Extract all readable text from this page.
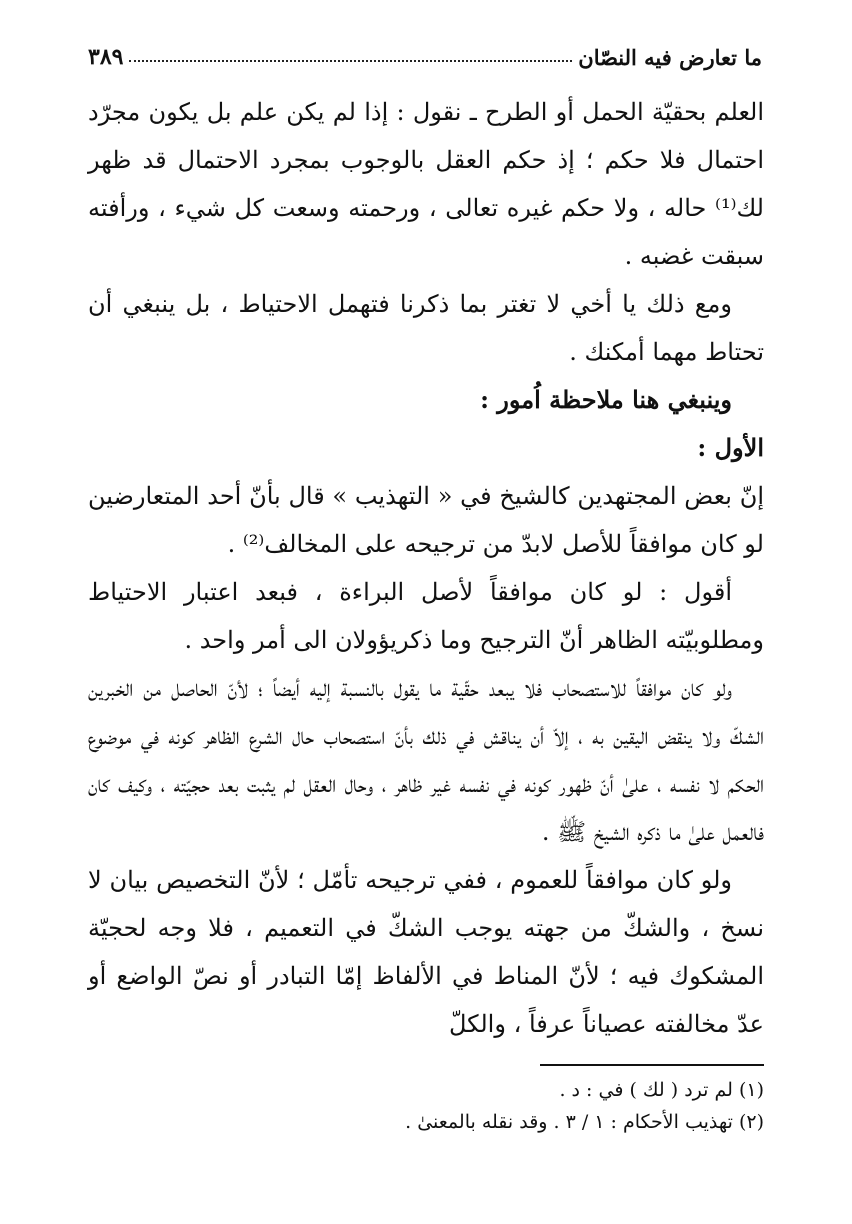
ما تعارض فيه النصّان
٣٨٩

العلم بحقيّة الحمل أو الطرح ـ نقول : إذا لم يكن علم بل يكون مجرّد احتمال فلا حكم ؛ إذ حكم العقل بالوجوب بمجرد الاحتمال قد ظهر لك⁽¹⁾ حاله ، ولا حكم غيره تعالى ، ورحمته وسعت كل شيء ، ورأفته سبقت غضبه .

ومع ذلك يا أخي لا تغتر بما ذكرنا فتهمل الاحتياط ، بل ينبغي أن تحتاط مهما أمكنك .

وينبغي هنا ملاحظة اُمور :

الأول :

إنّ بعض المجتهدين كالشيخ في « التهذيب » قال بأنّ أحد المتعارضين لو كان موافقاً للأصل لابدّ من ترجيحه على المخالف⁽²⁾ .

أقول : لو كان موافقاً لأصل البراءة ، فبعد اعتبار الاحتياط ومطلوبيّته الظاهر أنّ الترجيح وما ذكريؤولان الى أمر واحد .

ولو كان موافقاً للاستصحاب فلا يبعد حقّية ما يقول بالنسبة إليه أيضاً ؛ لأنّ الحاصل من الخبرين الشكّ ولا ينقض اليقين به ، إلاّ أن يناقش في ذلك بأنّ استصحاب حال الشرع الظاهر كونه في موضوع الحكم لا نفسه ، علىٰ أنّ ظهور كونه في نفسه غير ظاهر ، وحال العقل لم يثبت بعد حجيّته ، وكيف كان فالعمل علىٰ ما ذكره الشيخ ﷺ .

ولو كان موافقاً للعموم ، ففي ترجيحه تأمّل ؛ لأنّ التخصيص بيان لا نسخ ، والشكّ من جهته يوجب الشكّ في التعميم ، فلا وجه لحجيّة المشكوك فيه ؛ لأنّ المناط في الألفاظ إمّا التبادر أو نصّ الواضع أو عدّ مخالفته عصياناً عرفاً ، والكلّ

(١) لم ترد ( لك ) في : د .

(٢) تهذيب الأحكام : ١ / ٣ . وقد نقله بالمعنىٰ .
